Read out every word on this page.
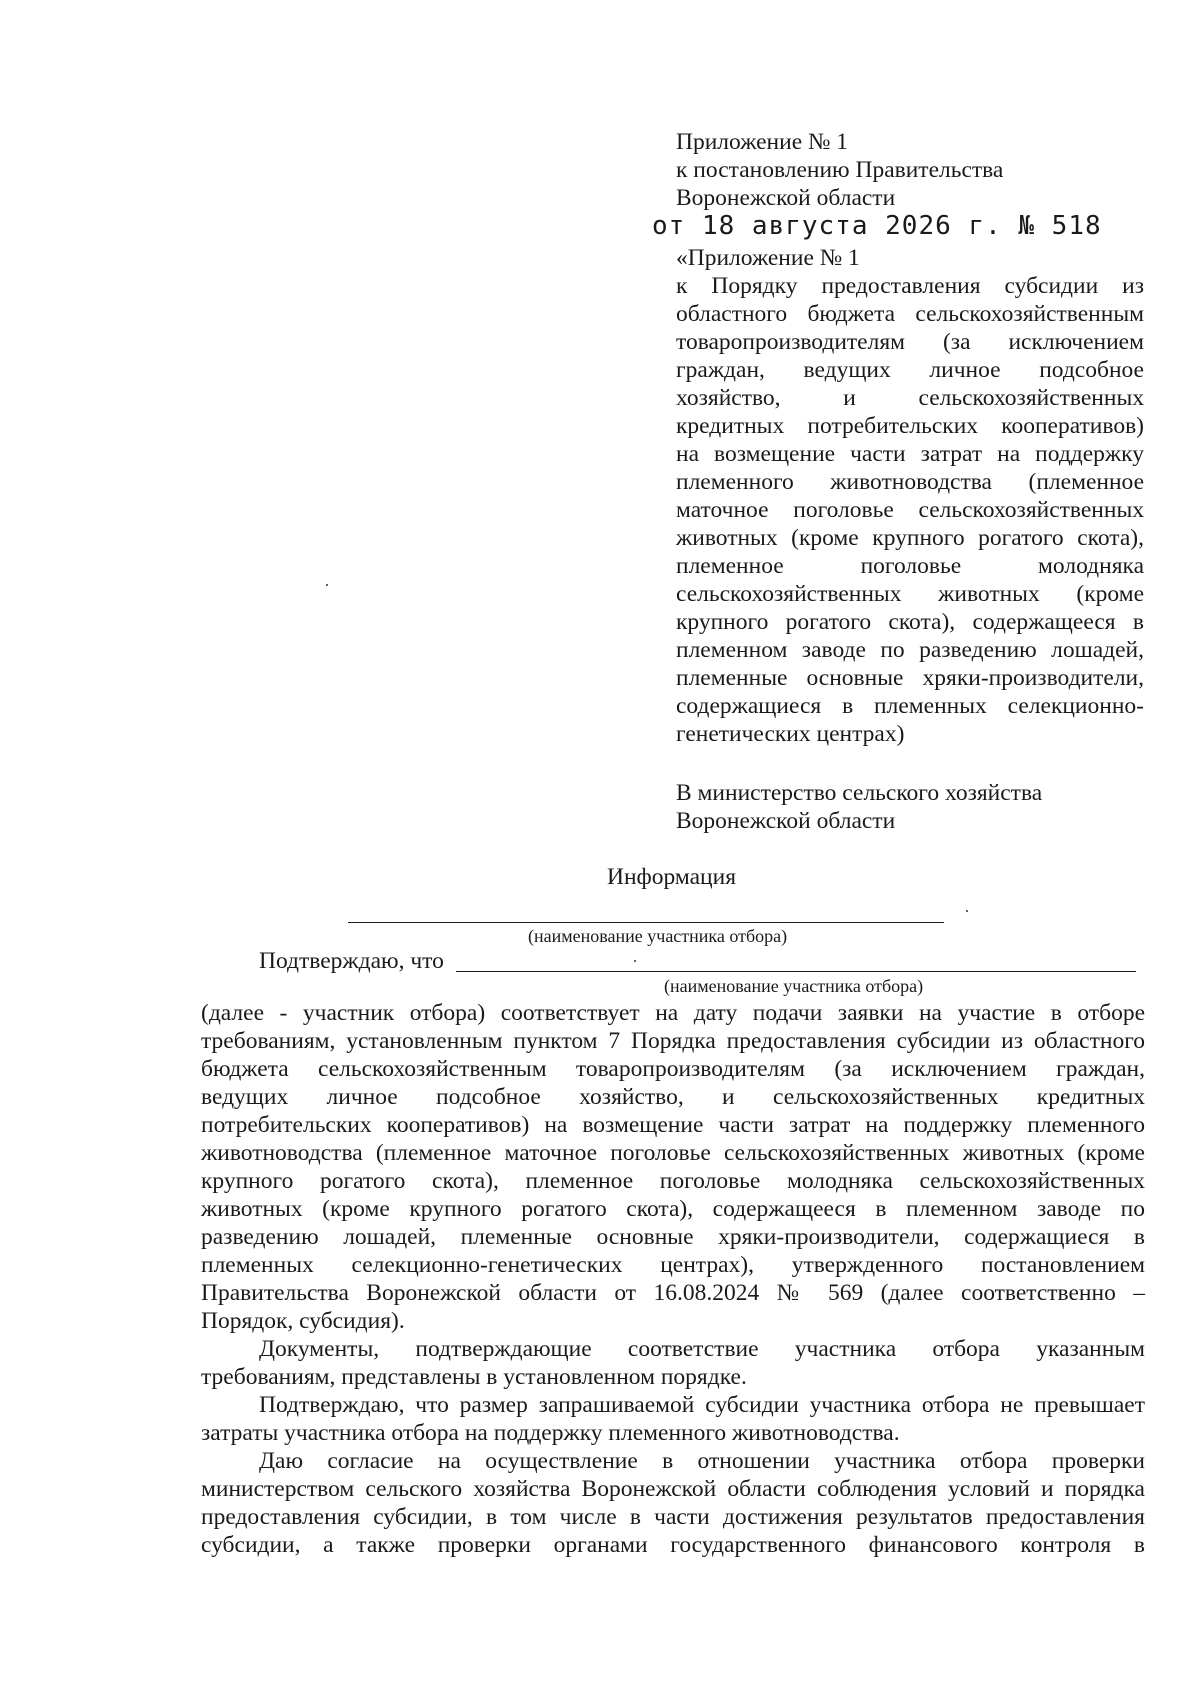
Приложение № 1
к постановлению Правительства
Воронежской области
от 18 августа 2026 г. № 518
«Приложение № 1
к Порядку предоставления субсидии из
областного бюджета сельскохозяйственным
товаропроизводителям (за исключением
граждан, ведущих личное подсобное
хозяйство, и сельскохозяйственных
кредитных потребительских кооперативов)
на возмещение части затрат на поддержку
племенного животноводства (племенное
маточное поголовье сельскохозяйственных
животных (кроме крупного рогатого скота),
племенное поголовье молодняка
сельскохозяйственных животных (кроме
крупного рогатого скота), содержащееся в
племенном заводе по разведению лошадей,
племенные основные хряки-производители,
содержащиеся в племенных селекционно-
генетических центрах)
В министерство сельского хозяйства
Воронежской области
Информация
(наименование участника отбора)
Подтверждаю, что
(наименование участника отбора)
(далее - участник отбора) соответствует на дату подачи заявки на участие в отборе
требованиям, установленным пунктом 7 Порядка предоставления субсидии из областного
бюджета сельскохозяйственным товаропроизводителям (за исключением граждан,
ведущих личное подсобное хозяйство, и сельскохозяйственных кредитных
потребительских кооперативов) на возмещение части затрат на поддержку племенного
животноводства (племенное маточное поголовье сельскохозяйственных животных (кроме
крупного рогатого скота), племенное поголовье молодняка сельскохозяйственных
животных (кроме крупного рогатого скота), содержащееся в племенном заводе по
разведению лошадей, племенные основные хряки-производители, содержащиеся в
племенных селекционно-генетических центрах), утвержденного постановлением
Правительства Воронежской области от 16.08.2024 № 569 (далее соответственно –
Порядок, субсидия).
Документы, подтверждающие соответствие участника отбора указанным
требованиям, представлены в установленном порядке.
Подтверждаю, что размер запрашиваемой субсидии участника отбора не превышает
затраты участника отбора на поддержку племенного животноводства.
Даю согласие на осуществление в отношении участника отбора проверки
министерством сельского хозяйства Воронежской области соблюдения условий и порядка
предоставления субсидии, в том числе в части достижения результатов предоставления
субсидии, а также проверки органами государственного финансового контроля в
